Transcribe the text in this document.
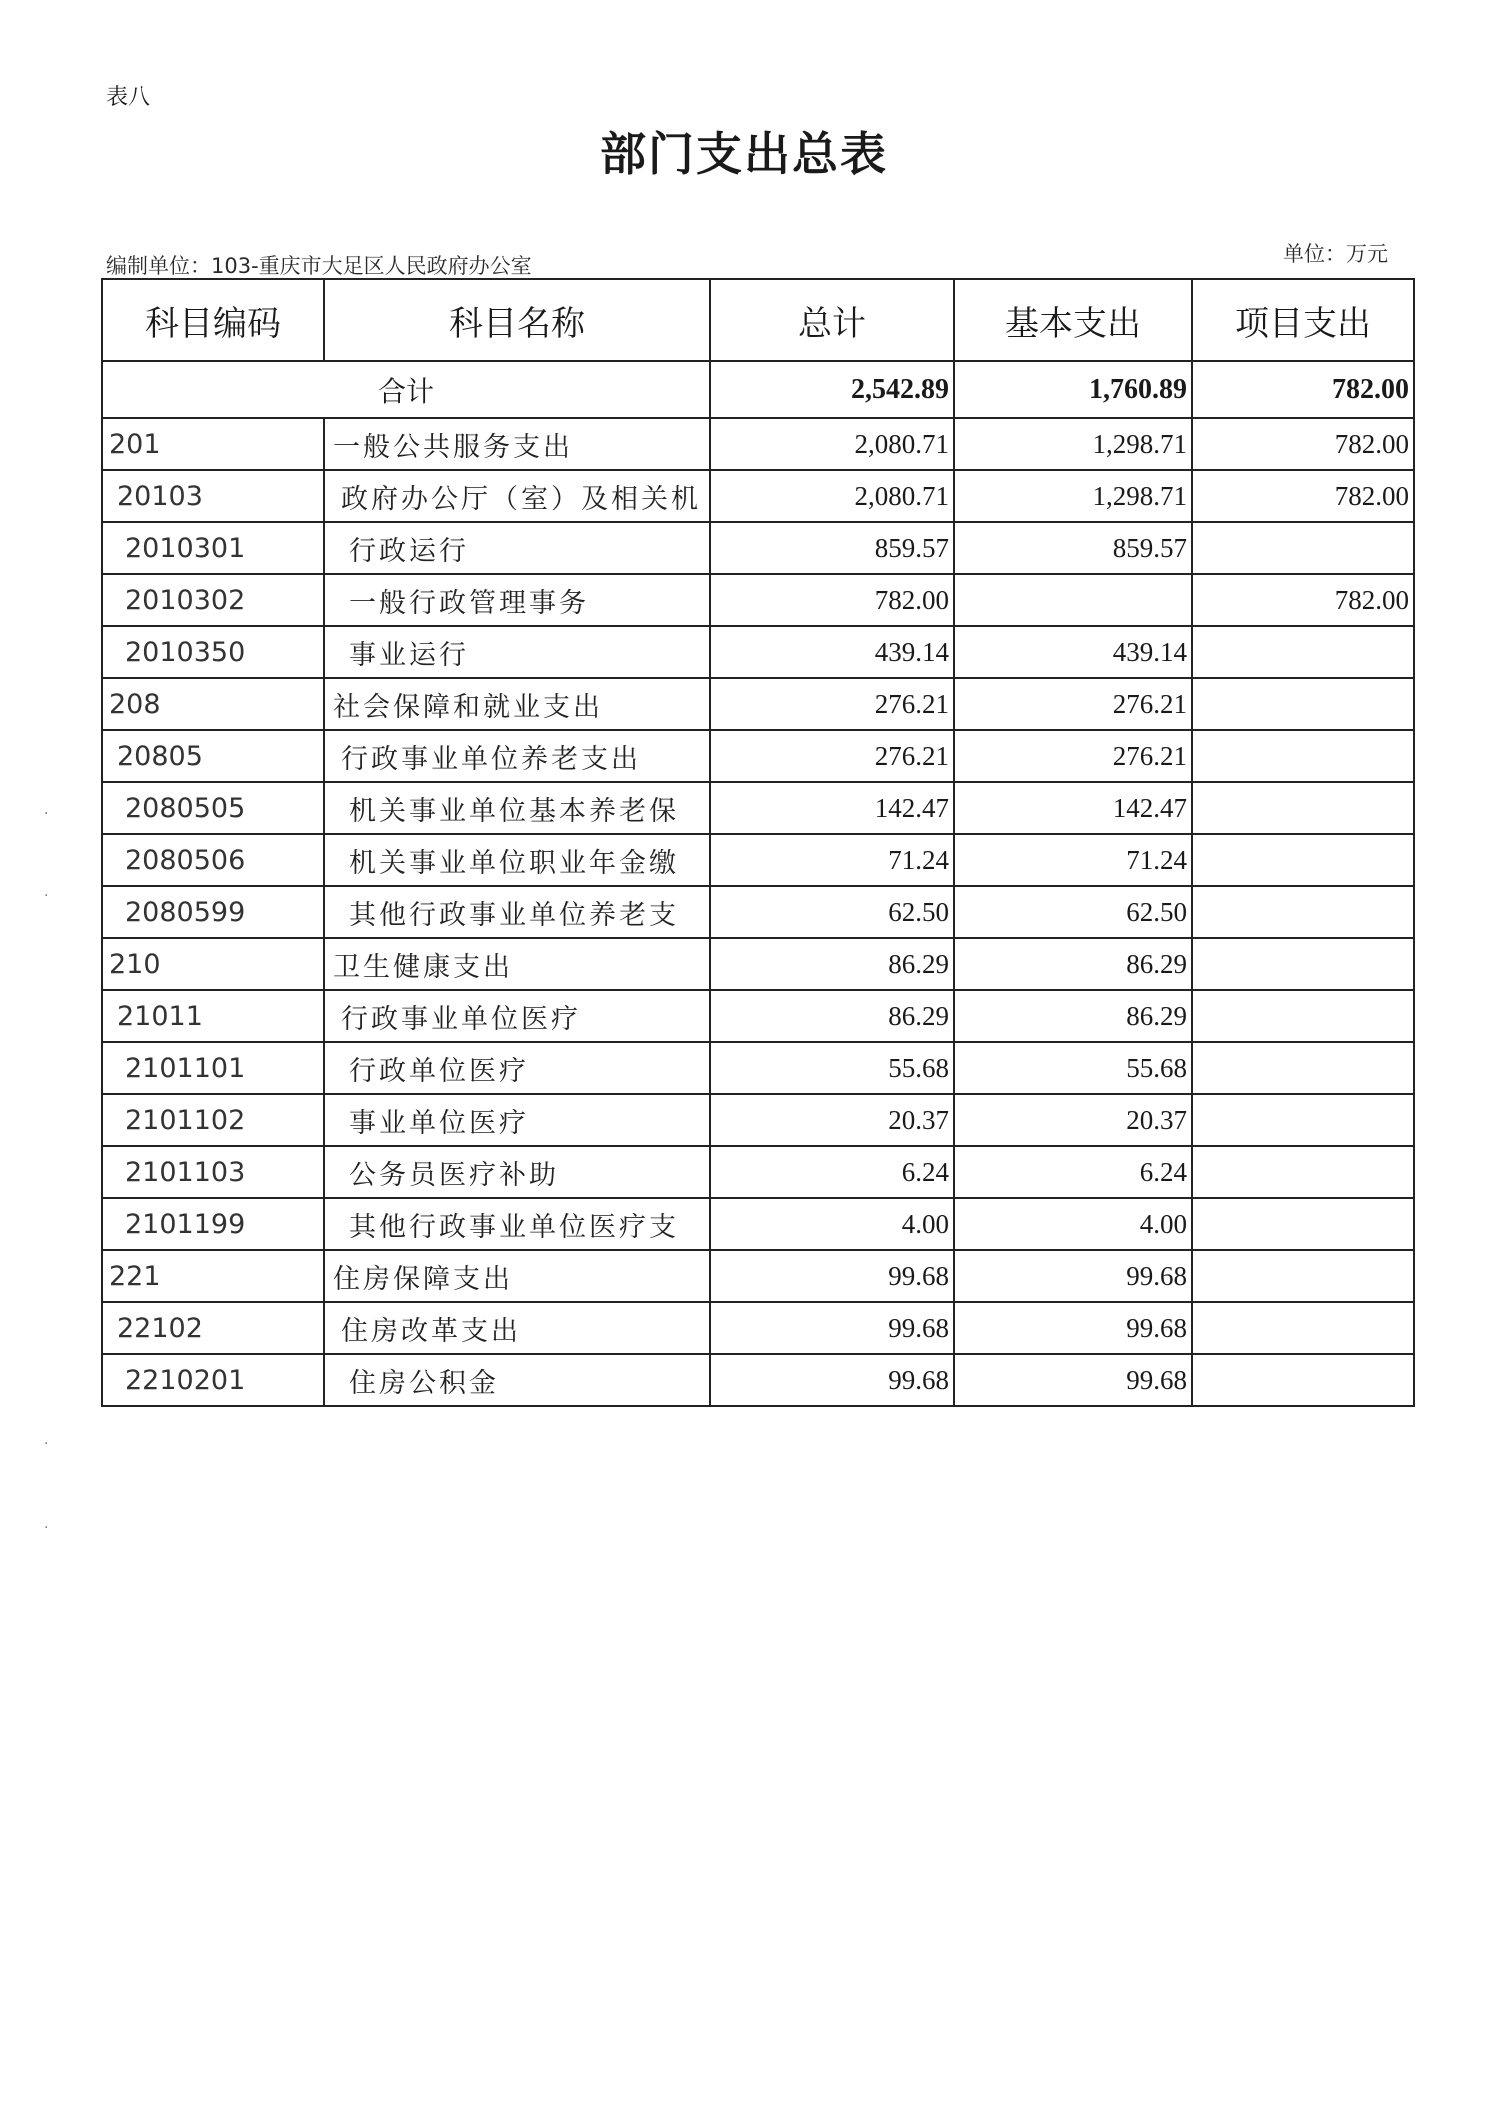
表八
部门支出总表
编制单位：103-重庆市大足区人民政府办公室	单位：万元
科目编码	科目名称	总计	基本支出	项目支出
合计		2,542.89	1,760.89	782.00
201	一般公共服务支出	2,080.71	1,298.71	782.00
20103	政府办公厅（室）及相关机	2,080.71	1,298.71	782.00
2010301	行政运行	859.57	859.57	
2010302	一般行政管理事务	782.00		782.00
2010350	事业运行	439.14	439.14	
208	社会保障和就业支出	276.21	276.21	
20805	行政事业单位养老支出	276.21	276.21	
2080505	机关事业单位基本养老保	142.47	142.47	
2080506	机关事业单位职业年金缴	71.24	71.24	
2080599	其他行政事业单位养老支	62.50	62.50	
210	卫生健康支出	86.29	86.29	
21011	行政事业单位医疗	86.29	86.29	
2101101	行政单位医疗	55.68	55.68	
2101102	事业单位医疗	20.37	20.37	
2101103	公务员医疗补助	6.24	6.24	
2101199	其他行政事业单位医疗支	4.00	4.00	
221	住房保障支出	99.68	99.68	
22102	住房改革支出	99.68	99.68	
2210201	住房公积金	99.68	99.68	
·
·
·
·
